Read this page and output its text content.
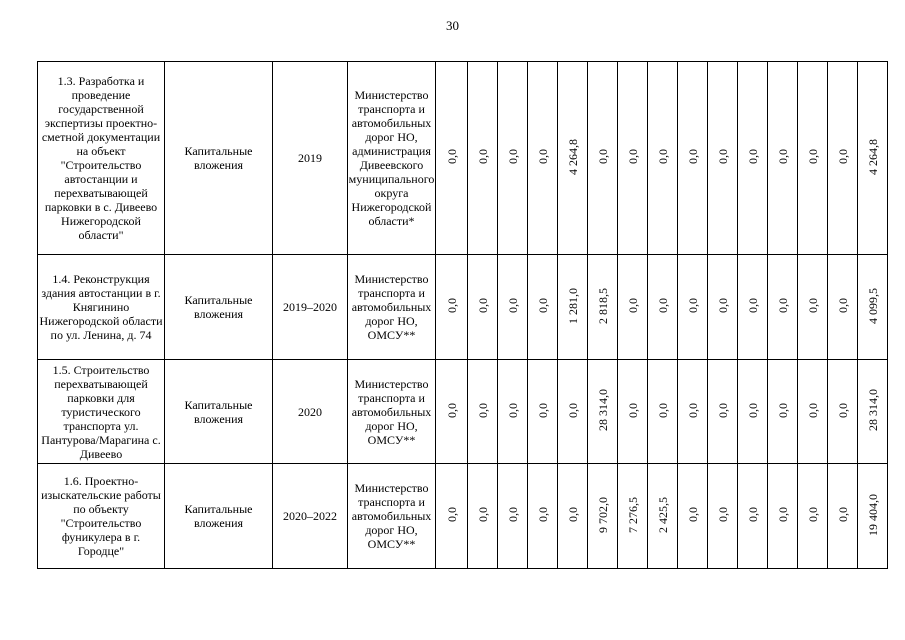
30
1.3. Разработка и проведение государственной экспертизы проектно-сметной документации на объект "Строительство автостанции и перехватывающей парковки в с. Дивеево Нижегородской области"	Капитальные вложения	2019	Министерство транспорта и автомобильных дорог НО, администрация Дивеевского муниципального округа Нижегородской области*	0,0	0,0	0,0	0,0	4 264,8	0,0	0,0	0,0	0,0	0,0	0,0	0,0	0,0	0,0	4 264,8
1.4. Реконструкция здания автостанции в г. Княгинино Нижегородской области по ул. Ленина, д. 74	Капитальные вложения	2019–2020	Министерство транспорта и автомобильных дорог НО, ОМСУ**	0,0	0,0	0,0	0,0	1 281,0	2 818,5	0,0	0,0	0,0	0,0	0,0	0,0	0,0	0,0	4 099,5
1.5. Строительство перехватывающей парковки для туристического транспорта ул. Пантурова/Марагина с. Дивеево	Капитальные вложения	2020	Министерство транспорта и автомобильных дорог НО, ОМСУ**	0,0	0,0	0,0	0,0	0,0	28 314,0	0,0	0,0	0,0	0,0	0,0	0,0	0,0	0,0	28 314,0
1.6. Проектно-изыскательские работы по объекту "Строительство фуникулера в г. Городце"	Капитальные вложения	2020–2022	Министерство транспорта и автомобильных дорог НО, ОМСУ**	0,0	0,0	0,0	0,0	0,0	9 702,0	7 276,5	2 425,5	0,0	0,0	0,0	0,0	0,0	0,0	19 404,0
